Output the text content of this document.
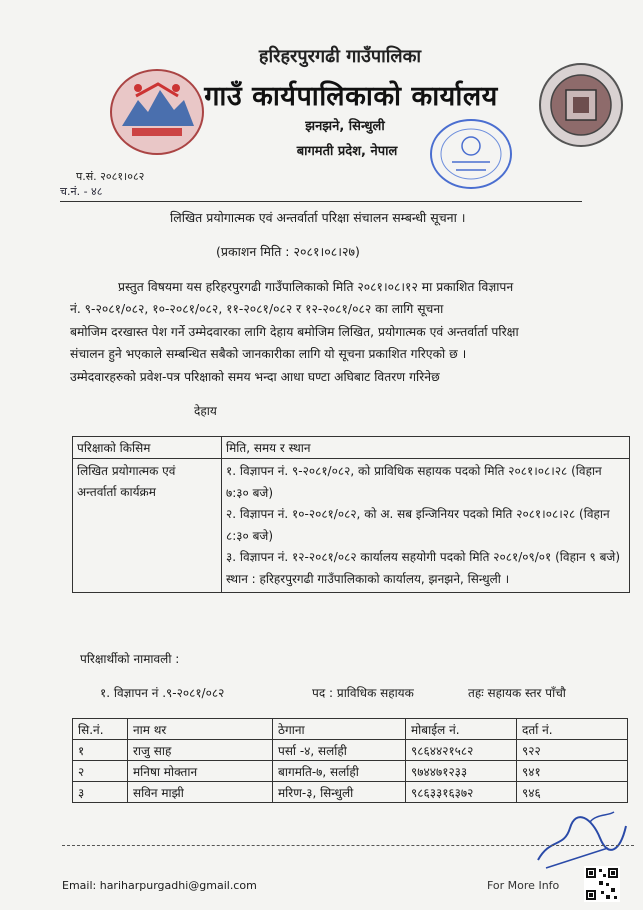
हरिहरपुरगढी गाउँपालिका
गाउँ कार्यपालिकाको कार्यालय
झनझने, सिन्धुली
बागमती प्रदेश, नेपाल
प.सं. २०८१।०८२
च.नं. - ४८
लिखित प्रयोगात्मक एवं अन्तर्वार्ता परिक्षा संचालन सम्बन्धी सूचना ।
(प्रकाशन मिति : २०८१।०८।२७)
प्रस्तुत विषयमा यस हरिहरपुरगढी गाउँपालिकाको मिति २०८१।०८।१२ मा प्रकाशित विज्ञापन
नं. ९-२०८१/०८२, १०-२०८१/०८२, ११-२०८१/०८२ र १२-२०८१/०८२ का लागि सूचना
बमोजिम दरखास्त पेश गर्ने उम्मेदवारका लागि देहाय बमोजिम लिखित, प्रयोगात्मक एवं अन्तर्वार्ता परिक्षा
संचालन हुने भएकाले सम्बन्धित सबैको जानकारीका लागि यो सूचना प्रकाशित गरिएको छ ।
उम्मेदवारहरुको प्रवेश-पत्र परिक्षाको समय भन्दा आधा घण्टा अघिबाट वितरण गरिनेछ
देहाय
परिक्षाको किसिम	मिति, समय र स्थान
लिखित प्रयोगात्मक एवं अन्तर्वार्ता कार्यक्रम	१. विज्ञापन नं. ९-२०८१/०८२, को प्राविधिक सहायक पदको मिति २०८१।०८।२८ (विहान ७:३० बजे)
२. विज्ञापन नं. १०-२०८१/०८२, को अ. सब इन्जिनियर पदको मिति २०८१।०८।२८ (विहान ८:३० बजे)
३. विज्ञापन नं. १२-२०८१/०८२ कार्यालय सहयोगी पदको मिति २०८१/०९/०१ (विहान ९ बजे)
स्थान : हरिहरपुरगढी गाउँपालिकाको कार्यालय, झनझने, सिन्धुली ।
परिक्षार्थीको नामावली :
१. विज्ञापन नं .९-२०८१/०८२	पद : प्राविधिक सहायक	तहः सहायक स्तर पाँचौ
सि.नं.	नाम थर	ठेगाना	मोबाईल नं.	दर्ता नं.
१	राजु साह	पर्सा -४, सर्लाही	९८६४४२१५८२	९२२
२	मनिषा मोक्तान	बागमति-७, सर्लाही	९७४४७१२३३	९४१
३	सविन माझी	मरिण-३, सिन्धुली	९८६३३१६३७२	९४६
Email: hariharpurgadhi@gmail.com	For More Info
